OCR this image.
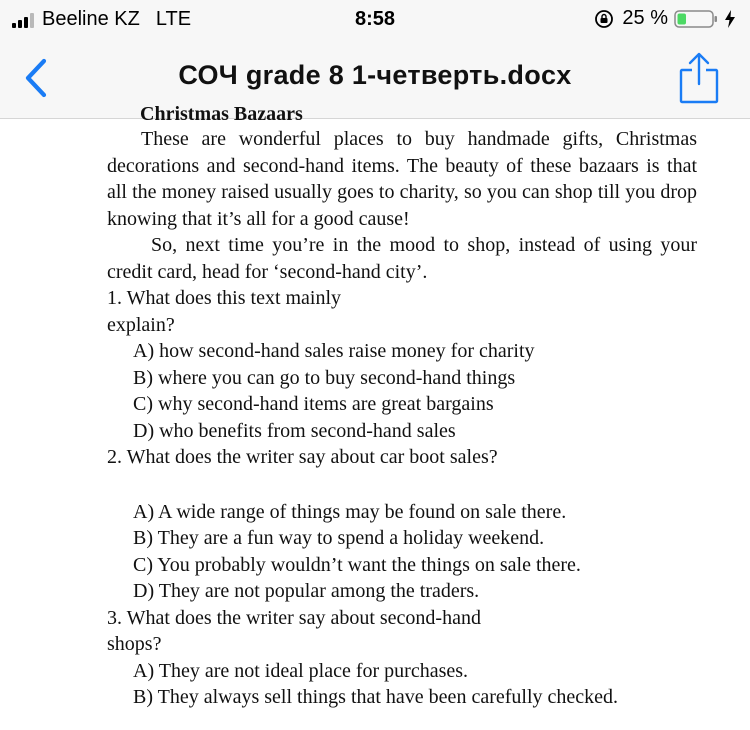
Beeline KZ LTE	8:58	25 %
СОЧ grade 8 1-четверть.docx
Christmas Bazaars

These are wonderful places to buy handmade gifts, Christmas decorations and second-hand items. The beauty of these bazaars is that all the money raised usually goes to charity, so you can shop till you drop knowing that it’s all for a good cause!

So, next time you’re in the mood to shop, instead of using your credit card, head for ‘second-hand city’.

1. What does this text mainly

explain?

A) how second-hand sales raise money for charity

B) where you can go to buy second-hand things

C) why second-hand items are great bargains

D) who benefits from second-hand sales

2. What does the writer say about car boot sales?

A) A wide range of things may be found on sale there.

B) They are a fun way to spend a holiday weekend.

C) You probably wouldn’t want the things on sale there.

D) They are not popular among the traders.

3. What does the writer say about second-hand

shops?

A) They are not ideal place for purchases.

B) They always sell things that have been carefully checked.
